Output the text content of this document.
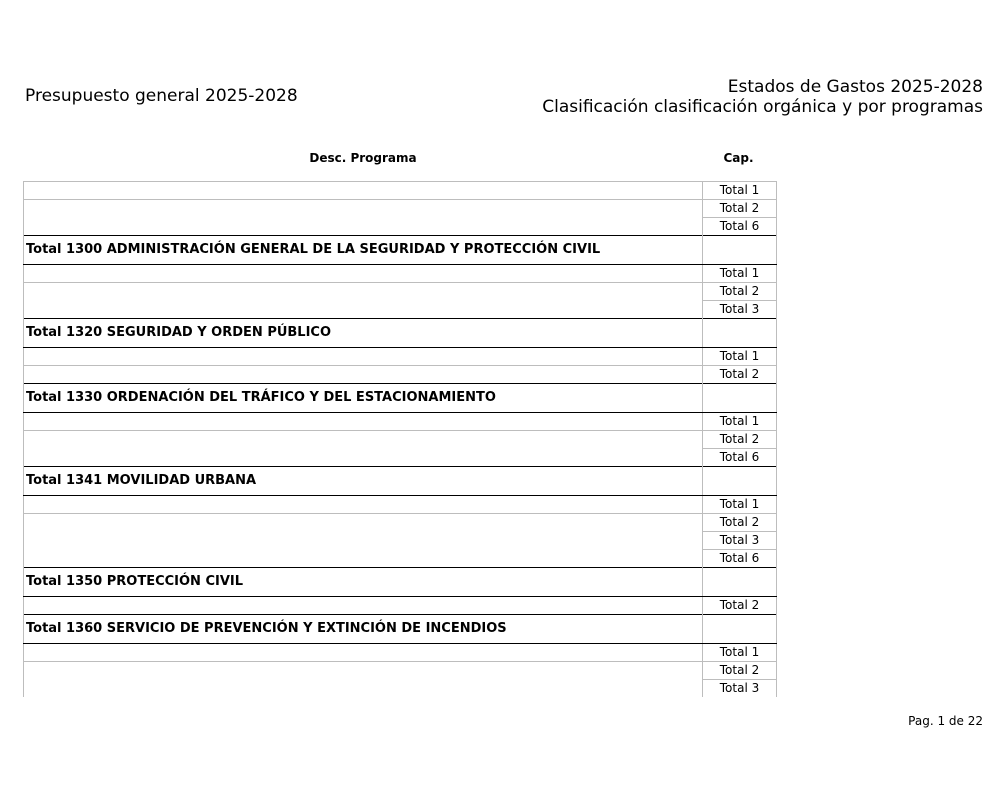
Presupuesto general 2025-2028	Estados de Gastos 2025-2028
Clasificación clasificación orgánica y por programas
Desc. Programa	Cap.
	Total 1
	Total 2
	Total 6
Total 1300 ADMINISTRACIÓN GENERAL DE LA SEGURIDAD Y PROTECCIÓN CIVIL	
	Total 1
	Total 2
	Total 3
Total 1320 SEGURIDAD Y ORDEN PÚBLICO	
	Total 1
	Total 2
Total 1330 ORDENACIÓN DEL TRÁFICO Y DEL ESTACIONAMIENTO	
	Total 1
	Total 2
	Total 6
Total 1341 MOVILIDAD URBANA	
	Total 1
	Total 2
	Total 3
	Total 6
Total 1350 PROTECCIÓN CIVIL	
	Total 2
Total 1360 SERVICIO DE PREVENCIÓN Y EXTINCIÓN DE INCENDIOS	
	Total 1
	Total 2
	Total 3
Pag. 1 de 22
